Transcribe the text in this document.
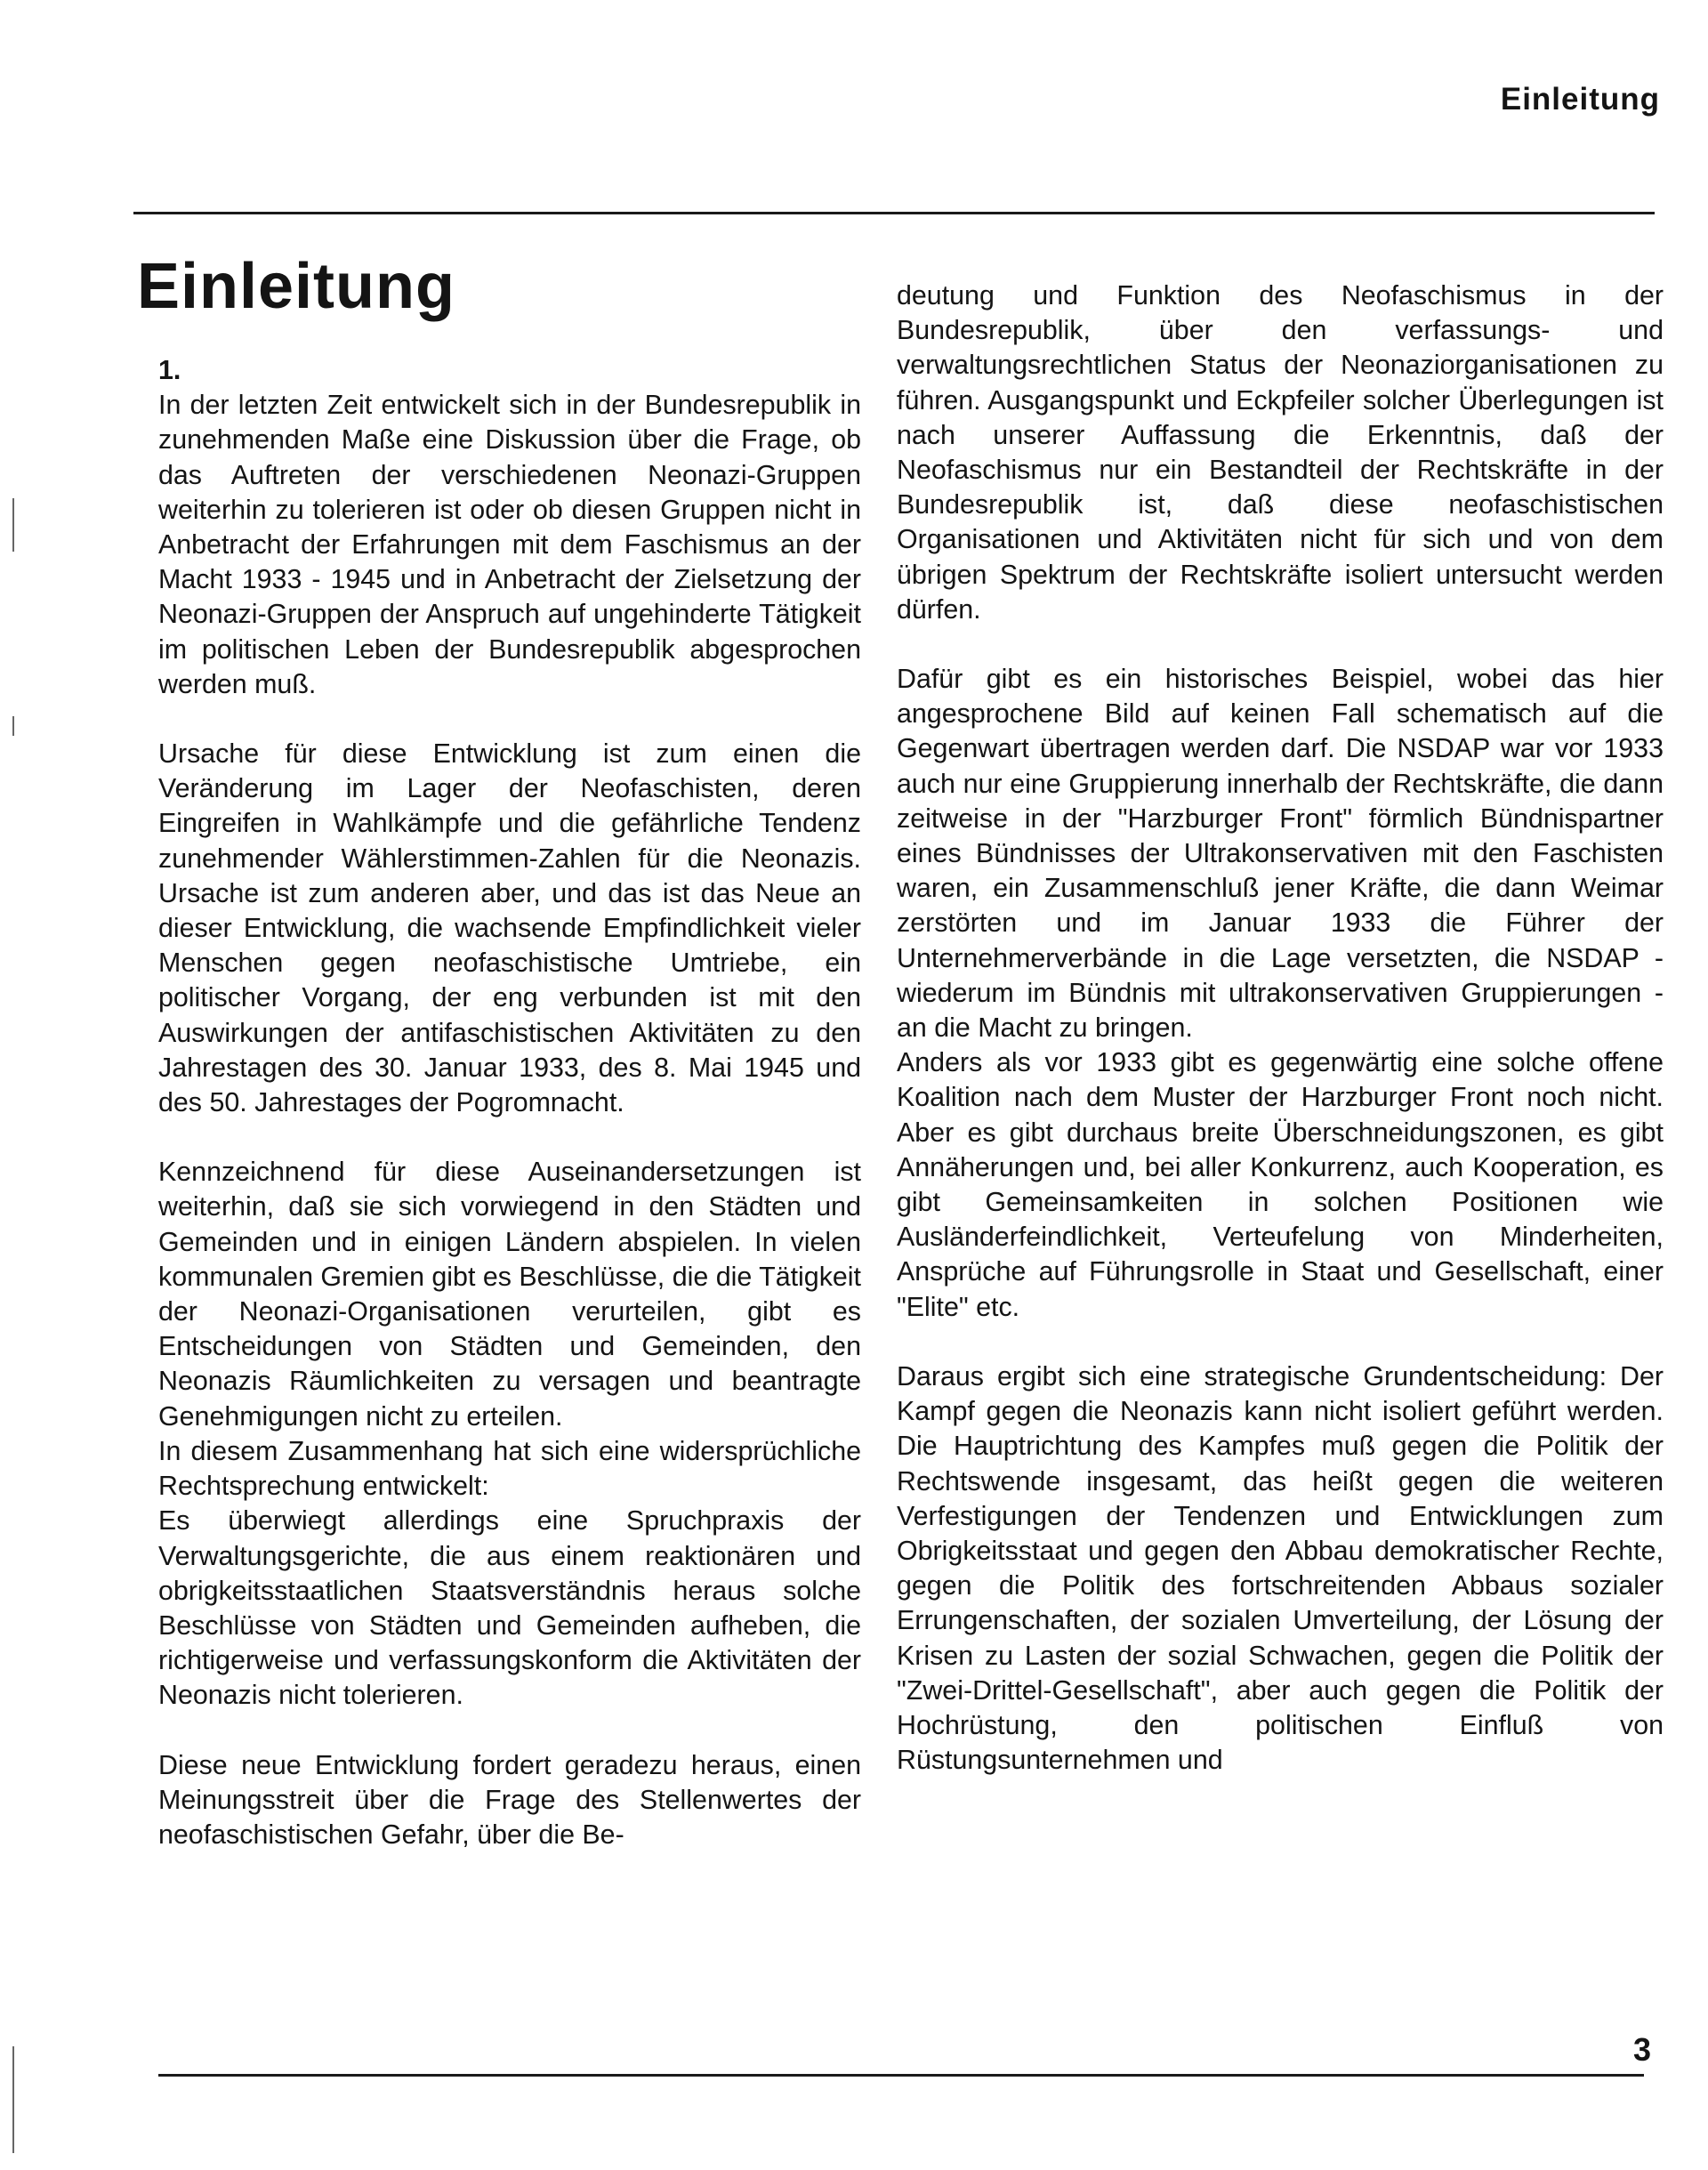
Einleitung
Einleitung
1.

In der letzten Zeit entwickelt sich in der Bundesrepublik in zunehmenden Maße eine Diskussion über die Frage, ob das Auftreten der verschiedenen Neonazi-Gruppen weiterhin zu tolerieren ist oder ob diesen Gruppen nicht in Anbetracht der Erfahrungen mit dem Faschismus an der Macht 1933 - 1945 und in Anbetracht der Zielsetzung der Neonazi-Gruppen der Anspruch auf ungehinderte Tätigkeit im politischen Leben der Bundesrepublik abgesprochen werden muß.

Ursache für diese Entwicklung ist zum einen die Veränderung im Lager der Neofaschisten, deren Eingreifen in Wahlkämpfe und die gefährliche Tendenz zunehmender Wählerstimmen-Zahlen für die Neonazis. Ursache ist zum anderen aber, und das ist das Neue an dieser Entwicklung, die wachsende Empfindlichkeit vieler Menschen gegen neofaschistische Umtriebe, ein politischer Vorgang, der eng verbunden ist mit den Auswirkungen der antifaschistischen Aktivitäten zu den Jahrestagen des 30. Januar 1933, des 8. Mai 1945 und des 50. Jahrestages der Pogromnacht.

Kennzeichnend für diese Auseinandersetzungen ist weiterhin, daß sie sich vorwiegend in den Städten und Gemeinden und in einigen Ländern abspielen. In vielen kommunalen Gremien gibt es Beschlüsse, die die Tätigkeit der Neonazi-Organisationen verurteilen, gibt es Entscheidungen von Städten und Gemeinden, den Neonazis Räumlichkeiten zu versagen und beantragte Genehmigungen nicht zu erteilen.

In diesem Zusammenhang hat sich eine widersprüchliche Rechtsprechung entwickelt:

Es überwiegt allerdings eine Spruchpraxis der Verwaltungsgerichte, die aus einem reaktionären und obrigkeitsstaatlichen Staatsverständnis heraus solche Beschlüsse von Städten und Gemeinden aufheben, die richtigerweise und verfassungskonform die Aktivitäten der Neonazis nicht tolerieren.

Diese neue Entwicklung fordert geradezu heraus, einen Meinungsstreit über die Frage des Stellenwertes der neofaschistischen Gefahr, über die Be-

deutung und Funktion des Neofaschismus in der Bundesrepublik, über den verfassungs- und verwaltungsrechtlichen Status der Neonaziorganisationen zu führen. Ausgangspunkt und Eckpfeiler solcher Überlegungen ist nach unserer Auffassung die Erkenntnis, daß der Neofaschismus nur ein Bestandteil der Rechtskräfte in der Bundesrepublik ist, daß diese neofaschistischen Organisationen und Aktivitäten nicht für sich und von dem übrigen Spektrum der Rechtskräfte isoliert untersucht werden dürfen.

Dafür gibt es ein historisches Beispiel, wobei das hier angesprochene Bild auf keinen Fall schematisch auf die Gegenwart übertragen werden darf. Die NSDAP war vor 1933 auch nur eine Gruppierung innerhalb der Rechtskräfte, die dann zeitweise in der "Harzburger Front" förmlich Bündnispartner eines Bündnisses der Ultrakonservativen mit den Faschisten waren, ein Zusammenschluß jener Kräfte, die dann Weimar zerstörten und im Januar 1933 die Führer der Unternehmerverbände in die Lage versetzten, die NSDAP - wiederum im Bündnis mit ultrakonservativen Gruppierungen - an die Macht zu bringen.

Anders als vor 1933 gibt es gegenwärtig eine solche offene Koalition nach dem Muster der Harzburger Front noch nicht. Aber es gibt durchaus breite Überschneidungszonen, es gibt Annäherungen und, bei aller Konkurrenz, auch Kooperation, es gibt Gemeinsamkeiten in solchen Positionen wie Ausländerfeindlichkeit, Verteufelung von Minderheiten, Ansprüche auf Führungsrolle in Staat und Gesellschaft, einer "Elite" etc.

Daraus ergibt sich eine strategische Grundentscheidung: Der Kampf gegen die Neonazis kann nicht isoliert geführt werden. Die Hauptrichtung des Kampfes muß gegen die Politik der Rechtswende insgesamt, das heißt gegen die weiteren Verfestigungen der Tendenzen und Entwicklungen zum Obrigkeitsstaat und gegen den Abbau demokratischer Rechte, gegen die Politik des fortschreitenden Abbaus sozialer Errungenschaften, der sozialen Umverteilung, der Lösung der Krisen zu Lasten der sozial Schwachen, gegen die Politik der "Zwei-Drittel-Gesellschaft", aber auch gegen die Politik der Hochrüstung, den politischen Einfluß von Rüstungsunternehmen und

3
